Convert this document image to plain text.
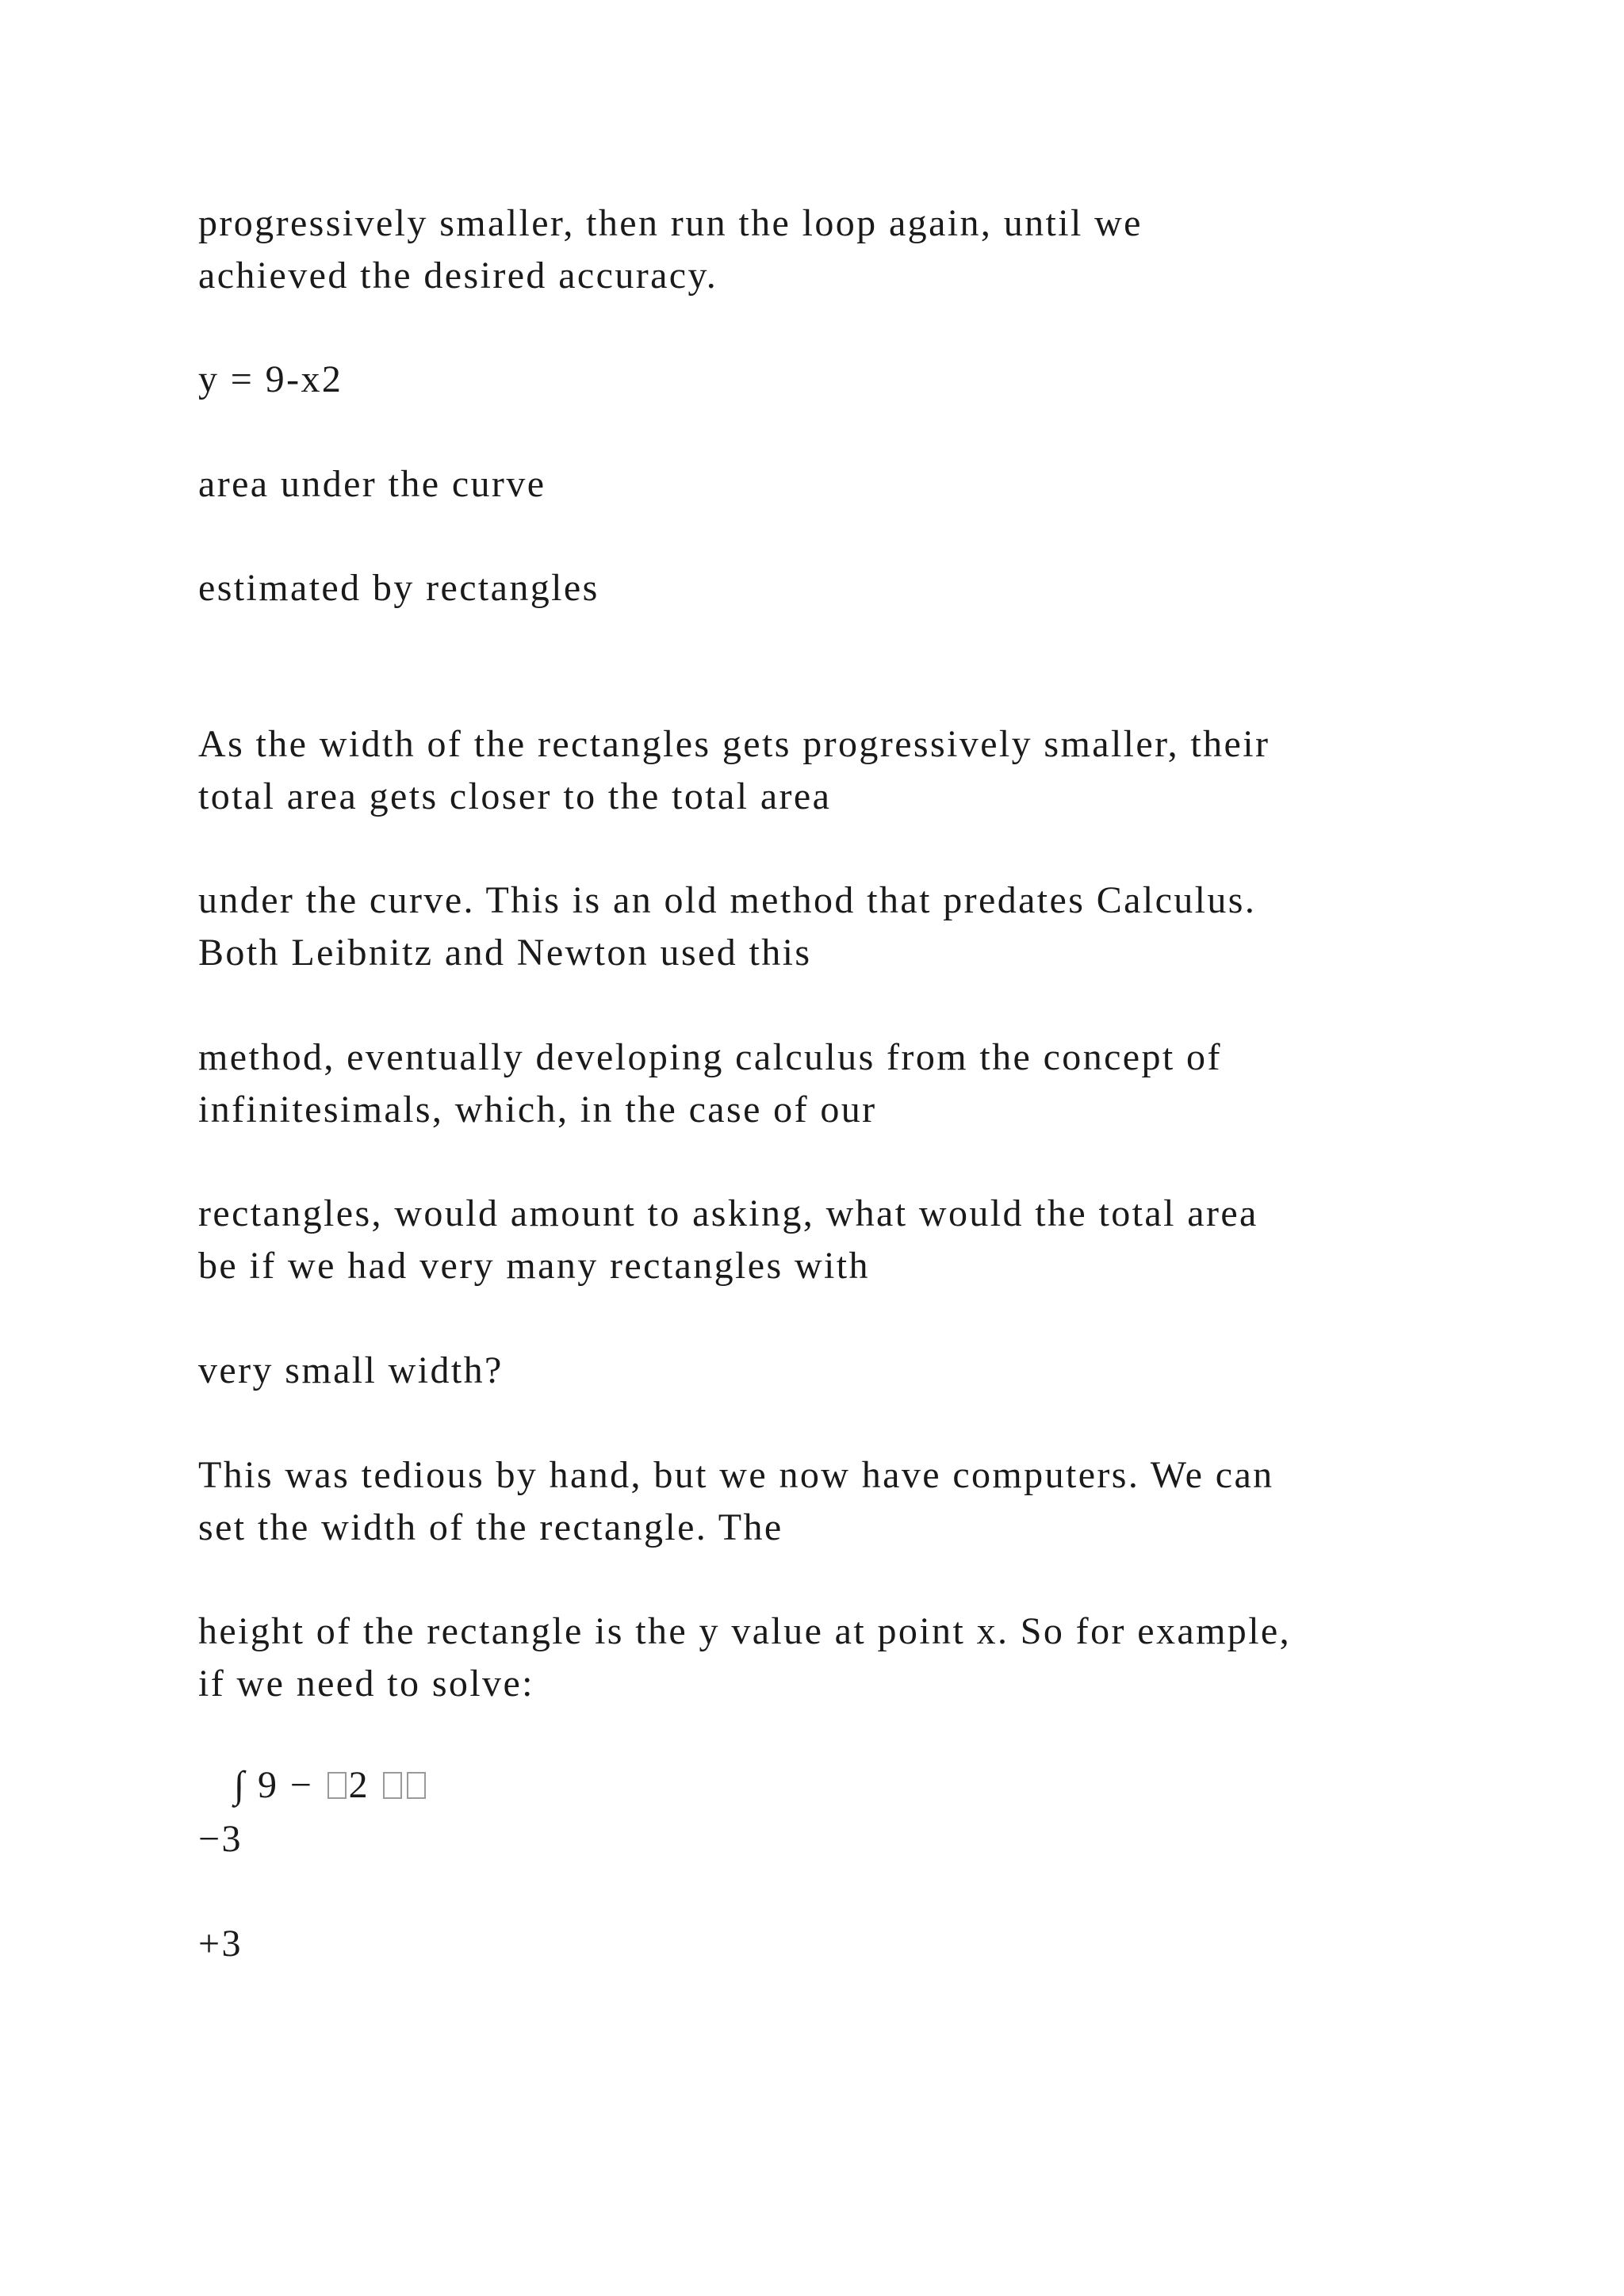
progressively smaller, then run the loop again, until we
achieved the desired accuracy.
y = 9-x2
area under the curve
estimated by rectangles
As the width of the rectangles gets progressively smaller, their
total area gets closer to the total area
under the curve. This is an old method that predates Calculus.
Both Leibnitz and Newton used this
method, eventually developing calculus from the concept of
infinitesimals, which, in the case of our
rectangles, would amount to asking, what would the total area
be if we had very many rectangles with
very small width?
This was tedious by hand, but we now have computers. We can
set the width of the rectangle. The
height of the rectangle is the y value at point x. So for example,
if we need to solve:
∫ 9 − 2
−3
+3
